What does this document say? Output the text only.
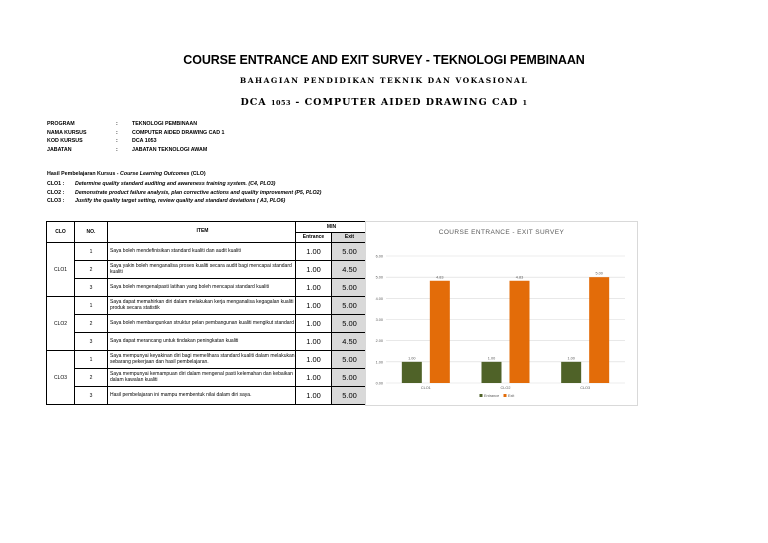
COURSE ENTRANCE AND EXIT SURVEY - TEKNOLOGI PEMBINAAN
BAHAGIAN PENDIDIKAN TEKNIK DAN VOKASIONAL
DCA 1053 - COMPUTER AIDED DRAWING CAD 1
PROGRAM	:	TEKNOLOGI PEMBINAAN
NAMA KURSUS	:	COMPUTER AIDED DRAWING CAD 1
KOD KURSUS	:	DCA 1053
JABATAN	:	JABATAN TEKNOLOGI AWAM
Hasil Pembelajaran Kursus - Course Learning Outcomes (CLO)
CLO1 :	Determine quality standard auditing and awareness training system. (C4, PLO3)
CLO2 :	Demonstrate product failure analysis, plan corrective actions and quality improvement (P5, PLO2)
CLO3 :	Justify the quality target setting, review quality and standard deviations ( A3, PLO6)
CLO	NO.	ITEM	MIN	
			Entrance	Exit
CLO1	1	Saya boleh mendefinisikan standard kualiti dan audit kualiti	1.00	5.00
	2	Saya yakin boleh menganalisa proses kualiti secara audit bagi mencapai standard kualiti	1.00	4.50
	3	Saya boleh mengenalpasti latihan yang boleh mencapai standard kualiti	1.00	5.00
CLO2	1	Saya dapat memahirkan diri dalam melakukan kerja menganalisa kegagalan kualiti produk secara statistik	1.00	5.00
	2	Saya boleh membangunkan struktur pelan pembangunan kualiti mengikut standard	1.00	5.00
	3	Saya dapat merancang untuk tindakan peningkatan kualiti	1.00	4.50
CLO3	1	Saya mempunyai keyakinan diri bagi memelihara standard kualiti dalam melakukan sebarang pekerjaan dan hasil pembelajaran.	1.00	5.00
	2	Saya mempunyai kemampuan diri dalam mengenal pasti kelemahan dan kebaikan dalam kawalan kualiti	1.00	5.00
	3	Hasil pembelajaran ini mampu membentuk nilai dalam diri saya.	1.00	5.00
COURSE ENTRANCE - EXIT SURVEY
0.00
1.00
2.00
3.00
4.00
5.00
6.00
1.00
4.83
CLO1
1.00
4.83
CLO2
1.00
5.00
CLO3
Entrance Exit
